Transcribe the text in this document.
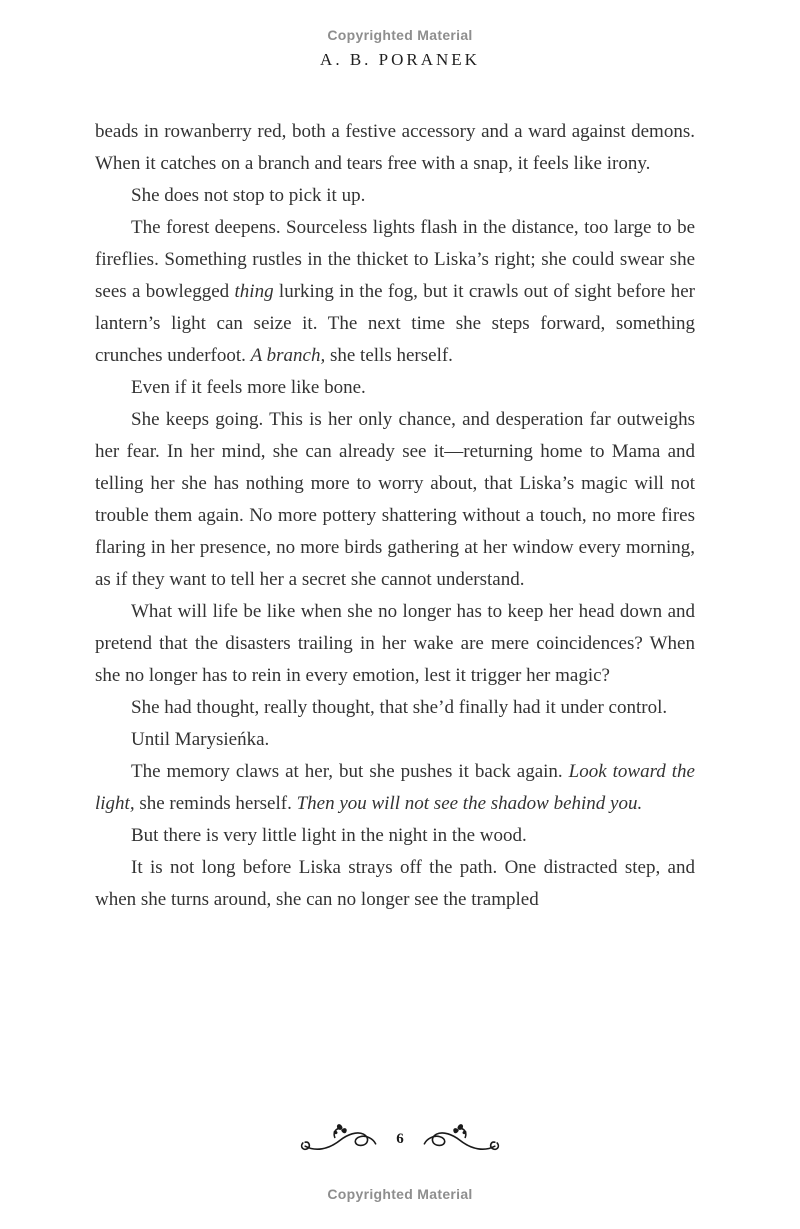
Copyrighted Material
A. B. PORANEK

beads in rowanberry red, both a festive accessory and a ward against demons. When it catches on a branch and tears free with a snap, it feels like irony.

She does not stop to pick it up.

The forest deepens. Sourceless lights flash in the distance, too large to be fireflies. Something rustles in the thicket to Liska’s right; she could swear she sees a bowlegged thing lurking in the fog, but it crawls out of sight before her lantern’s light can seize it. The next time she steps forward, something crunches underfoot. A branch, she tells herself.

Even if it feels more like bone.

She keeps going. This is her only chance, and desperation far outweighs her fear. In her mind, she can already see it—returning home to Mama and telling her she has nothing more to worry about, that Liska’s magic will not trouble them again. No more pottery shattering without a touch, no more fires flaring in her presence, no more birds gathering at her window every morning, as if they want to tell her a secret she cannot understand.

What will life be like when she no longer has to keep her head down and pretend that the disasters trailing in her wake are mere coincidences? When she no longer has to rein in every emotion, lest it trigger her magic?

She had thought, really thought, that she’d finally had it under control.

Until Marysieńka.

The memory claws at her, but she pushes it back again. Look toward the light, she reminds herself. Then you will not see the shadow behind you.

But there is very little light in the night in the wood.

It is not long before Liska strays off the path. One distracted step, and when she turns around, she can no longer see the trampled

6
Copyrighted Material
